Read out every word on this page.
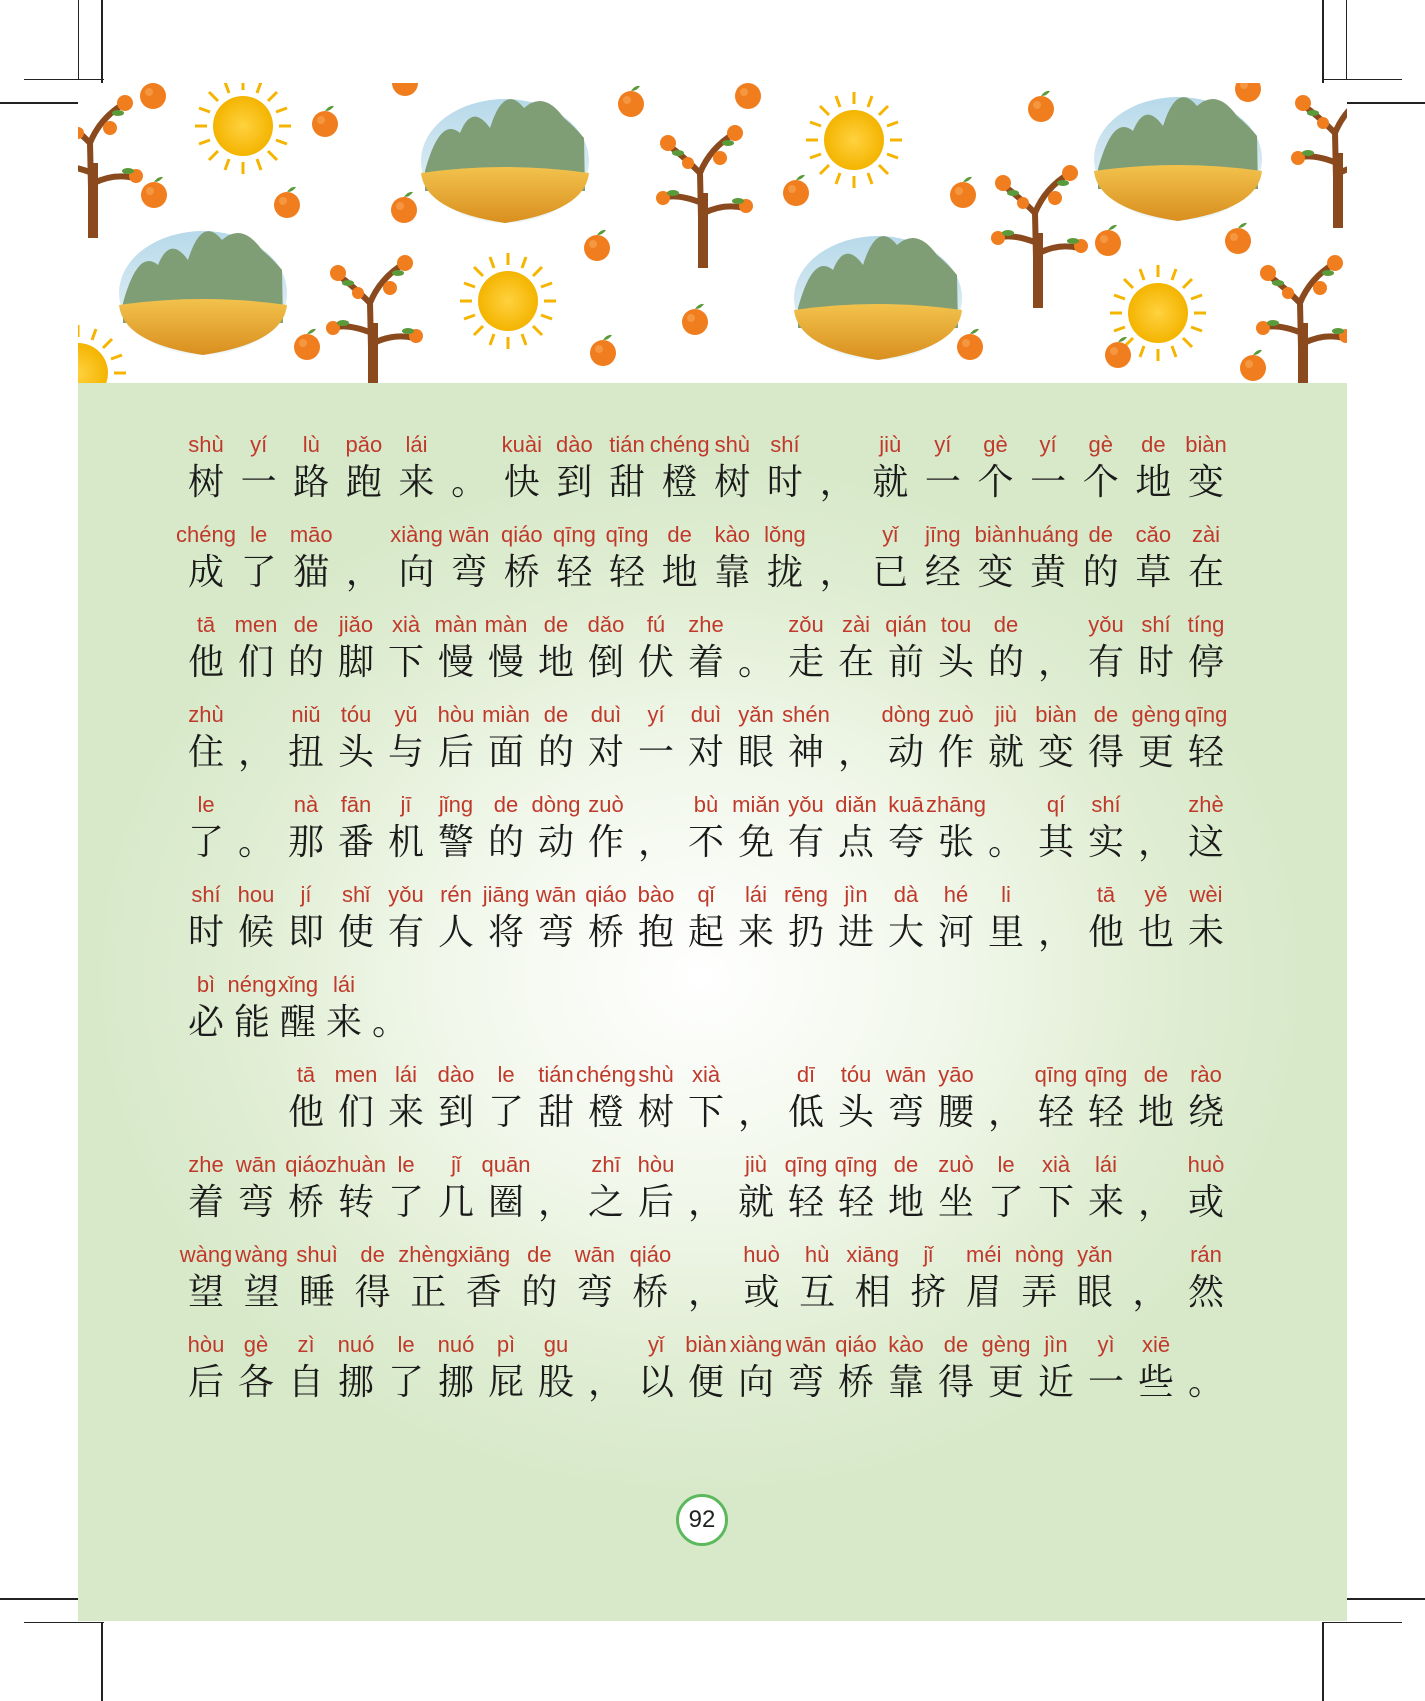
shù
树
yí
一
lù
路
pǎo
跑
lái
来 。
kuài
快
dào
到
tián
甜
chéng
橙
shù
树
shí
时 ，
jiù
就
yí
一
gè
个
yí
一
gè
个
de
地
biàn
变
chéng
成
le
了
māo
猫 ，
xiàng
向
wān
弯
qiáo
桥
qīng
轻
qīng
轻
de
地
kào
靠
lǒng
拢 ，
yǐ
已
jīng
经
biàn
变
huáng
黄
de
的
cǎo
草
zài
在
tā
他
men
们
de
的
jiǎo
脚
xià
下
màn
慢
màn
慢
de
地
dǎo
倒
fú
伏
zhe
着 。
zǒu
走
zài
在
qián
前
tou
头
de
的 ，
yǒu
有
shí
时
tíng
停
zhù
住 ，
niǔ
扭
tóu
头
yǔ
与
hòu
后
miàn
面
de
的
duì
对
yí
一
duì
对
yǎn
眼
shén
神 ，
dòng
动
zuò
作
jiù
就
biàn
变
de
得
gèng
更
qīng
轻
le
了 。
nà
那
fān
番
jī
机
jǐng
警
de
的
dòng
动
zuò
作 ，
bù
不
miǎn
免
yǒu
有
diǎn
点
kuā
夸
zhāng
张 。
qí
其
shí
实 ，
zhè
这
shí
时
hou
候
jí
即
shǐ
使
yǒu
有
rén
人
jiāng
将
wān
弯
qiáo
桥
bào
抱
qǐ
起
lái
来
rēng
扔
jìn
进
dà
大
hé
河
li
里 ，
tā
他
yě
也
wèi
未
bì
必
néng
能
xǐng
醒
lái
来 。
tā
他
men
们
lái
来
dào
到
le
了
tián
甜
chéng
橙
shù
树
xià
下 ，
dī
低
tóu
头
wān
弯
yāo
腰 ，
qīng
轻
qīng
轻
de
地
rào
绕
zhe
着
wān
弯
qiáo
桥
zhuàn
转
le
了
jǐ
几
quān
圈 ，
zhī
之
hòu
后 ，
jiù
就
qīng
轻
qīng
轻
de
地
zuò
坐
le
了
xià
下
lái
来 ，
huò
或
wàng
望
wàng
望
shuì
睡
de
得
zhèng
正
xiāng
香
de
的
wān
弯
qiáo
桥 ，
huò
或
hù
互
xiāng
相
jǐ
挤
méi
眉
nòng
弄
yǎn
眼 ，
rán
然
hòu
后
gè
各
zì
自
nuó
挪
le
了
nuó
挪
pì
屁
gu
股 ，
yǐ
以
biàn
便
xiàng
向
wān
弯
qiáo
桥
kào
靠
de
得
gèng
更
jìn
近
yì
一
xiē
些 。
92
